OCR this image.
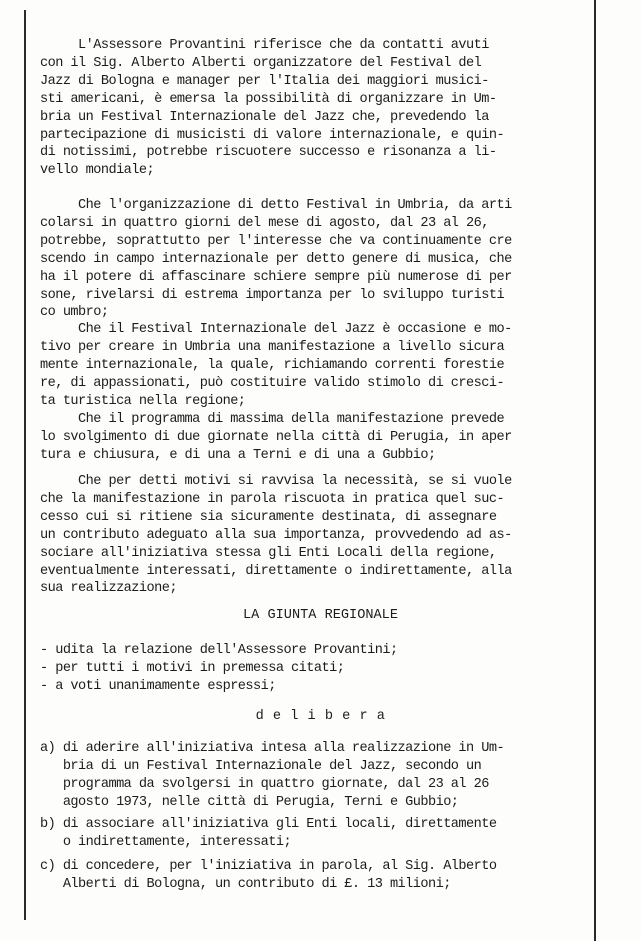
L'Assessore Provantini riferisce che da contatti avuti
con il Sig. Alberto Alberti organizzatore del Festival del
Jazz di Bologna e manager per l'Italia dei maggiori musici-
sti americani, è emersa la possibilità di organizzare in Um-
bria un Festival Internazionale del Jazz che, prevedendo la
partecipazione di musicisti di valore internazionale, e quin-
di notissimi, potrebbe riscuotere successo e risonanza a li-
vello mondiale;
Che l'organizzazione di detto Festival in Umbria, da arti
colarsi in quattro giorni del mese di agosto, dal 23 al 26,
potrebbe, soprattutto per l'interesse che va continuamente cre
scendo in campo internazionale per detto genere di musica, che
ha il potere di affascinare schiere sempre più numerose di per
sone, rivelarsi di estrema importanza per lo sviluppo turisti
co umbro;
Che il Festival Internazionale del Jazz è occasione e mo-
tivo per creare in Umbria una manifestazione a livello sicura
mente internazionale, la quale, richiamando correnti forestie
re, di appassionati, può costituire valido stimolo di cresci-
ta turistica nella regione;
Che il programma di massima della manifestazione prevede
lo svolgimento di due giornate nella città di Perugia, in aper
tura e chiusura, e di una a Terni e di una a Gubbio;
Che per detti motivi si ravvisa la necessità, se si vuole
che la manifestazione in parola riscuota in pratica quel suc-
cesso cui si ritiene sia sicuramente destinata, di assegnare
un contributo adeguato alla sua importanza, provvedendo ad as-
sociare all'iniziativa stessa gli Enti Locali della regione,
eventualmente interessati, direttamente o indirettamente, alla
sua realizzazione;
LA GIUNTA REGIONALE
- udita la relazione dell'Assessore Provantini;
- per tutti i motivi in premessa citati;
- a voti unanimamente espressi;
d e l i b e r a
a) di aderire all'iniziativa intesa alla realizzazione in Um-
bria di un Festival Internazionale del Jazz, secondo un
programma da svolgersi in quattro giornate, dal 23 al 26
agosto 1973, nelle città di Perugia, Terni e Gubbio;
b) di associare all'iniziativa gli Enti locali, direttamente
o indirettamente, interessati;
c) di concedere, per l'iniziativa in parola, al Sig. Alberto
Alberti di Bologna, un contributo di £. 13 milioni;
